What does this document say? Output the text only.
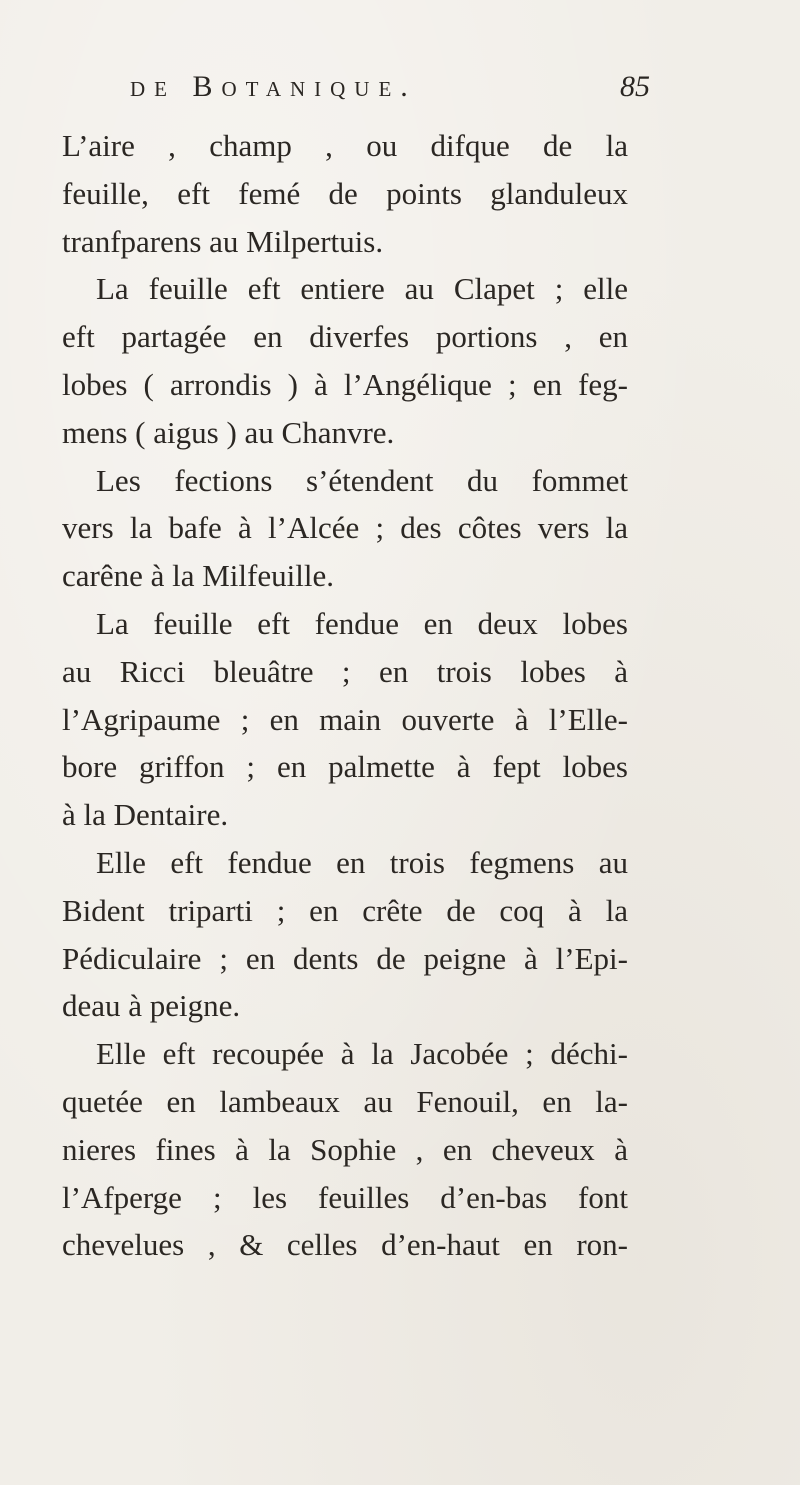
de Botanique.	85

L’aire , champ , ou difque de la

feuille, eft femé de points glanduleux

tranfparens au Milpertuis.

La feuille eft entiere au Clapet ; elle

eft partagée en diverfes portions , en

lobes ( arrondis ) à l’Angélique ; en feg-

mens ( aigus ) au Chanvre.

Les fections s’étendent du fommet

vers la bafe à l’Alcée ; des côtes vers la

carêne à la Milfeuille.

La feuille eft fendue en deux lobes

au Ricci bleuâtre ; en trois lobes à

l’Agripaume ; en main ouverte à l’Elle-

bore griffon ; en palmette à fept lobes

à la Dentaire.

Elle eft fendue en trois fegmens au

Bident triparti ; en crête de coq à la

Pédiculaire ; en dents de peigne à l’Epi-

deau à peigne.

Elle eft recoupée à la Jacobée ; déchi-

quetée en lambeaux au Fenouil, en la-

nieres fines à la Sophie , en cheveux à

l’Afperge ; les feuilles d’en-bas font

chevelues , & celles d’en-haut en ron-
